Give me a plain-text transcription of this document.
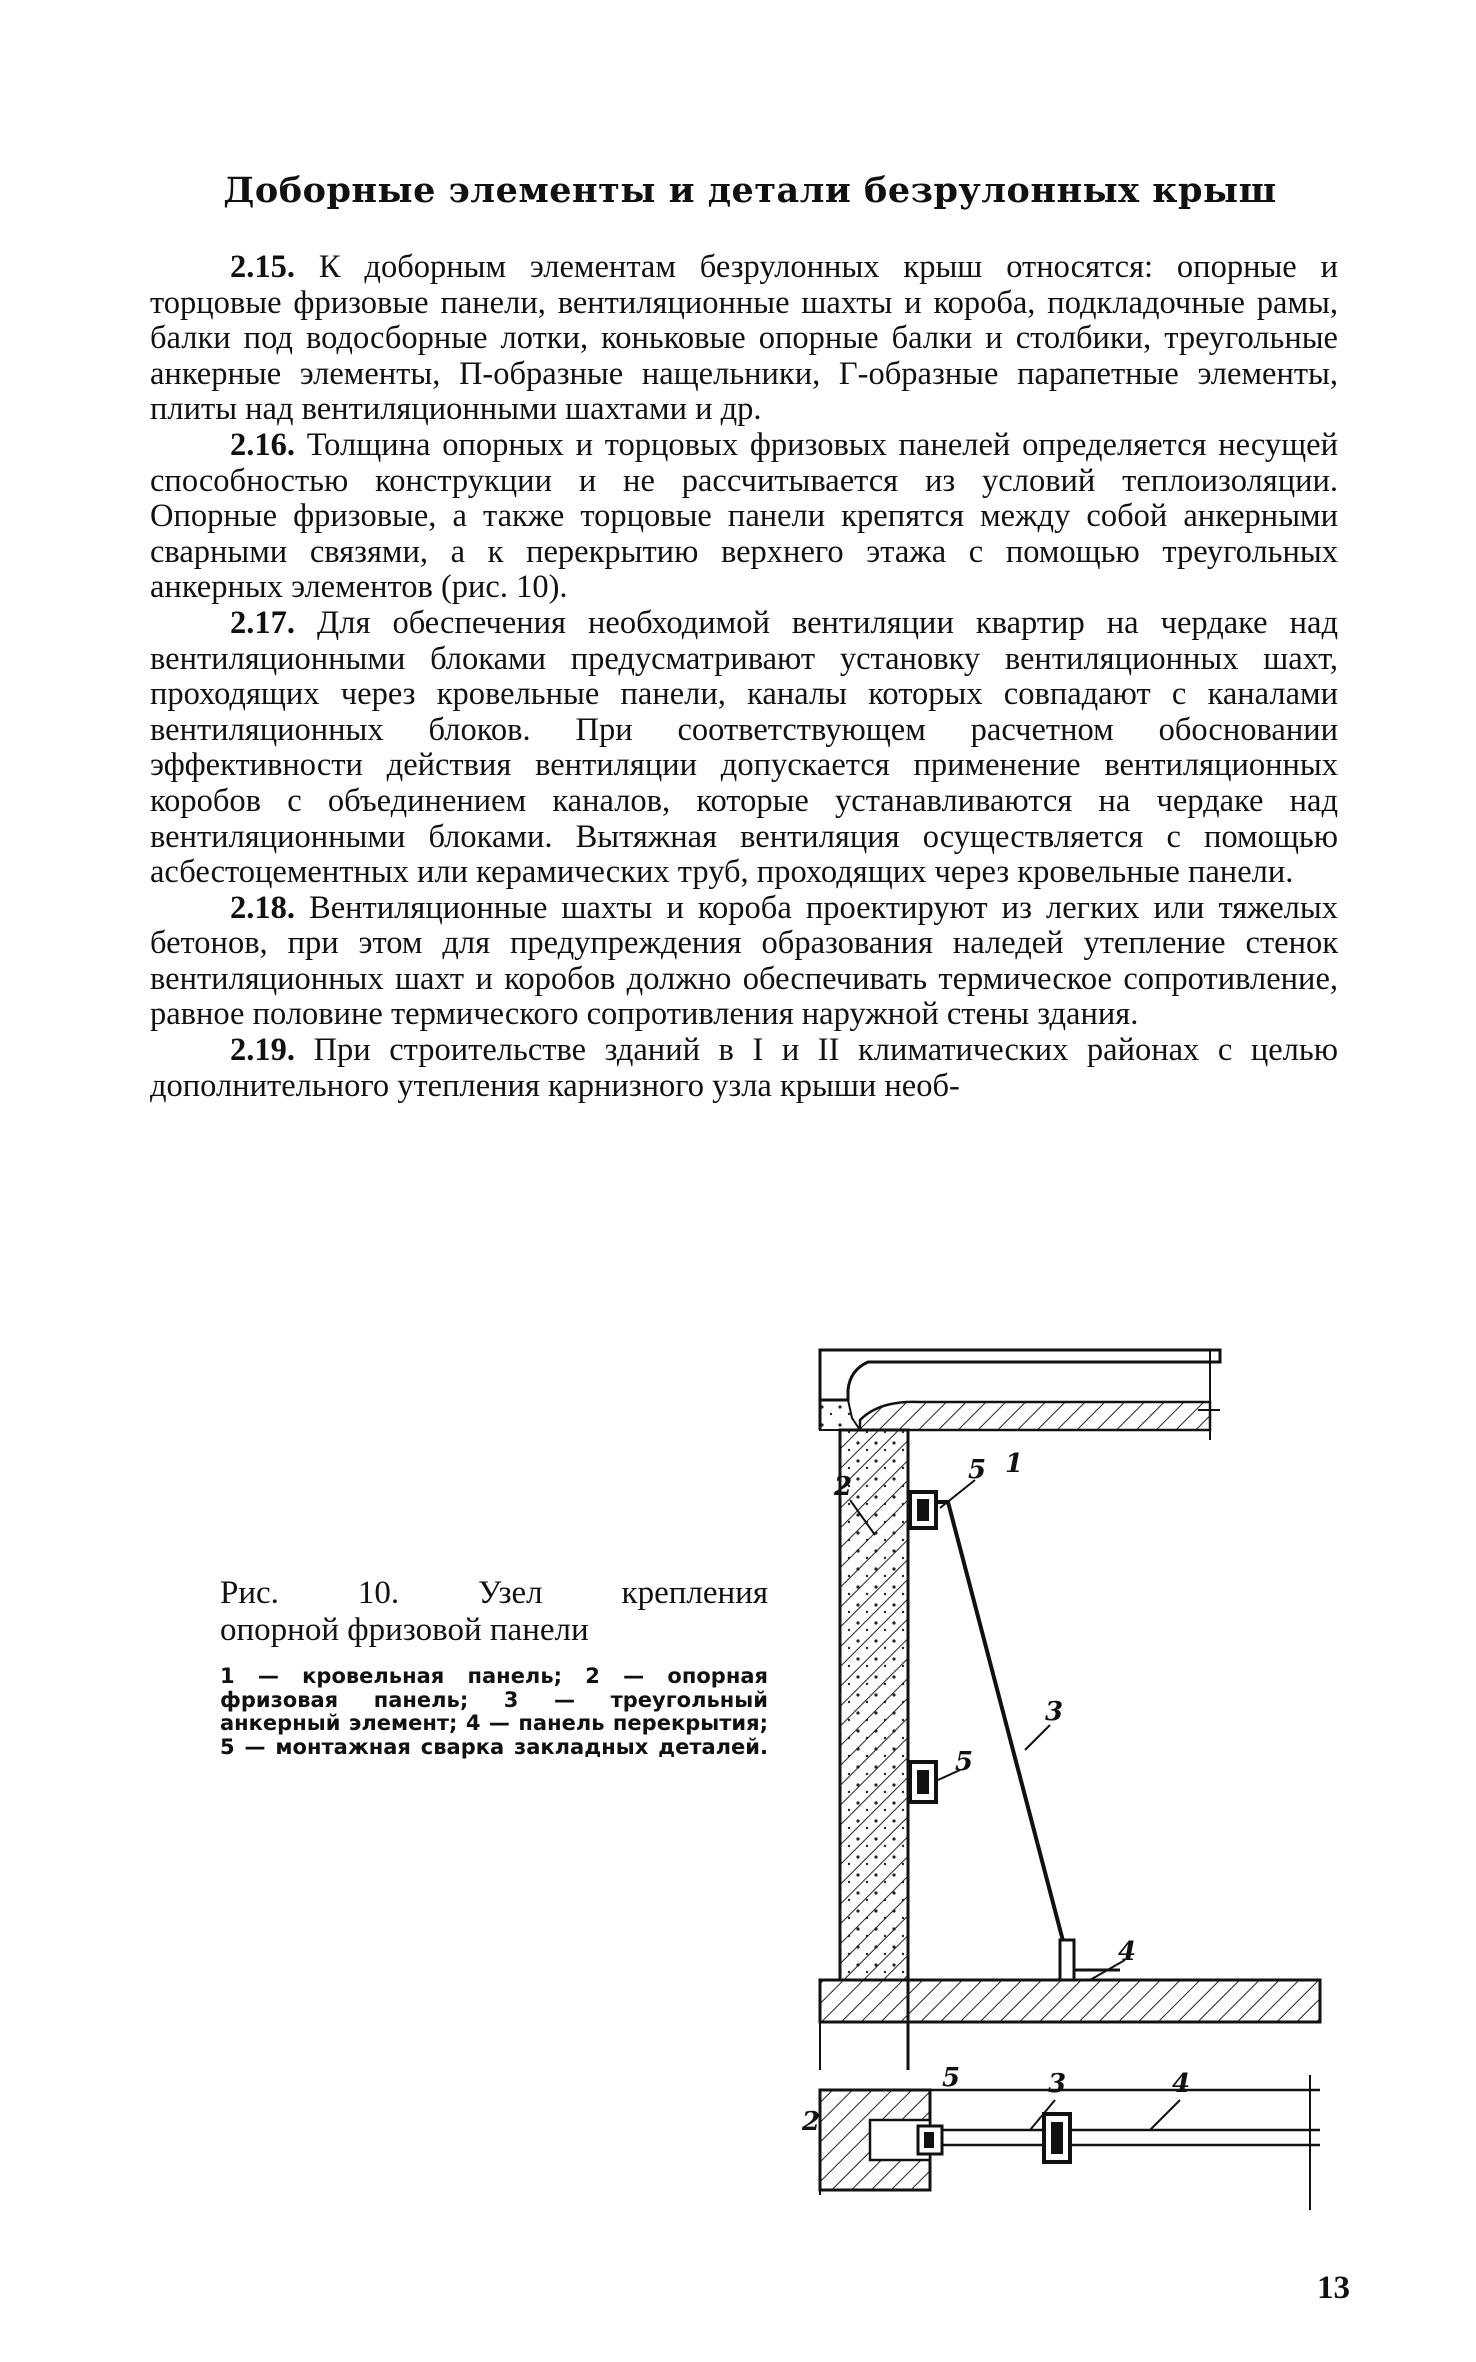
Доборные элементы и детали безрулонных крыш

2.15. К доборным элементам безрулонных крыш относятся: опорные и торцовые фризовые панели, вентиляционные шахты и короба, подкладочные рамы, балки под водосборные лотки, коньковые опорные балки и столбики, треугольные анкерные элементы, П-образные нащельники, Г-образные парапетные элементы, плиты над вентиляционными шахтами и др.

2.16. Толщина опорных и торцовых фризовых панелей определяется несущей способностью конструкции и не рассчитывается из условий теплоизоляции. Опорные фризовые, а также торцовые панели крепятся между собой анкерными сварными связями, а к перекрытию верхнего этажа с помощью треугольных анкерных элементов (рис. 10).

2.17. Для обеспечения необходимой вентиляции квартир на чердаке над вентиляционными блоками предусматривают установку вентиляционных шахт, проходящих через кровельные панели, каналы которых совпадают с каналами вентиляционных блоков. При соответствующем расчетном обосновании эффективности действия вентиляции допускается применение вентиляционных коробов с объединением каналов, которые устанавливаются на чердаке над вентиляционными блоками. Вытяжная вентиляция осуществляется с помощью асбестоцементных или керамических труб, проходящих через кровельные панели.

2.18. Вентиляционные шахты и короба проектируют из легких или тяжелых бетонов, при этом для предупреждения образования наледей утепление стенок вентиляционных шахт и коробов должно обеспечивать термическое сопротивление, равное половине термического сопротивления наружной стены здания.

2.19. При строительстве зданий в I и II климатических районах с целью дополнительного утепления карнизного узла крыши необ-

Рис. 10. Узел крепления
опорной фризовой панели
1 — кровельная панель; 2 — опорная фризовая панель; 3 — треугольный анкерный элемент; 4 — панель перекрытия; 5 — монтажная сварка закладных деталей.
5 1
2
3
5
4
5	3	4
2
13
